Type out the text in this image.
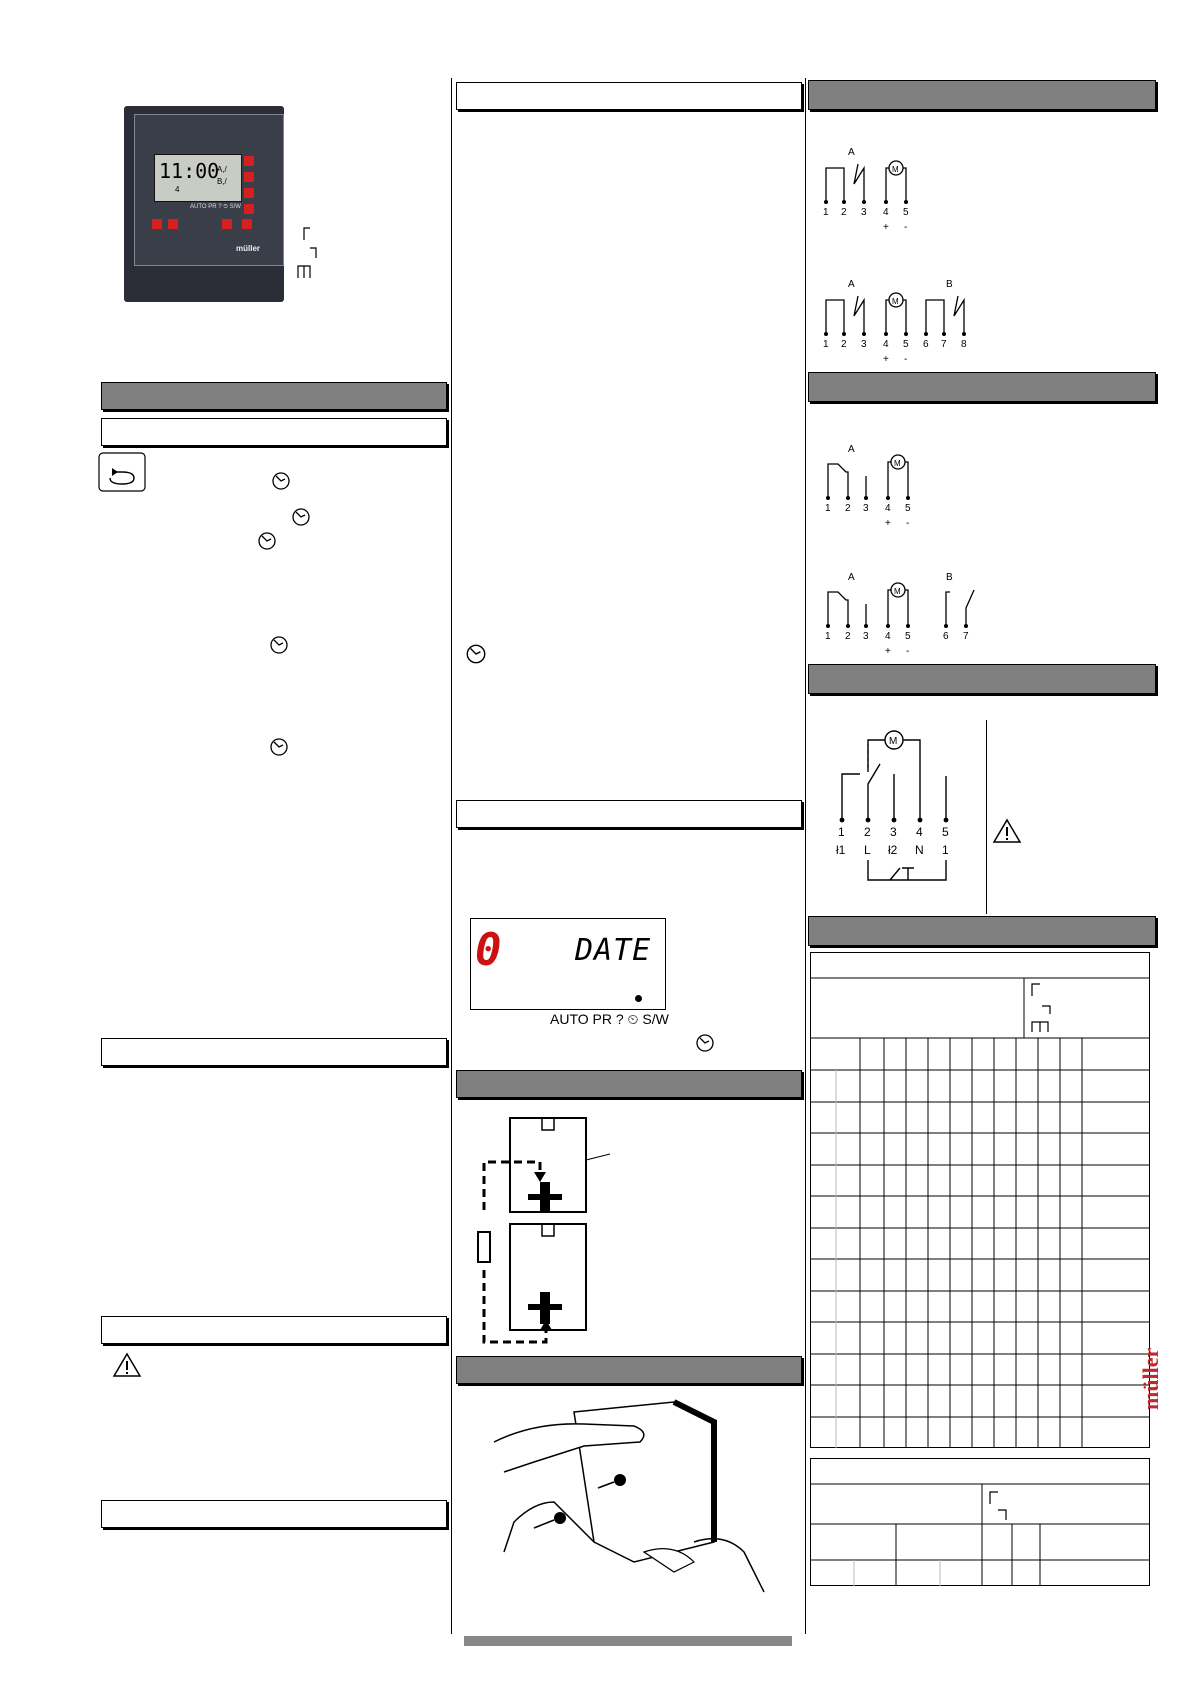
11:00
4
A,/
B,/
AUTO PR ? ⏲ S/W
müller
0 DATE
AUTO PR ? ⏲ S/W
A
M
1 2 3 4 5
+ -
A	B
M
1 2 3 4 5 6 7 8
+ -
A
M
1 2 3 4 5
+ -
A	B
M
1 2 3 4 5	6 7
+ -
M
1 2 3 4 5
ł1 L ł2 N 1
müller
